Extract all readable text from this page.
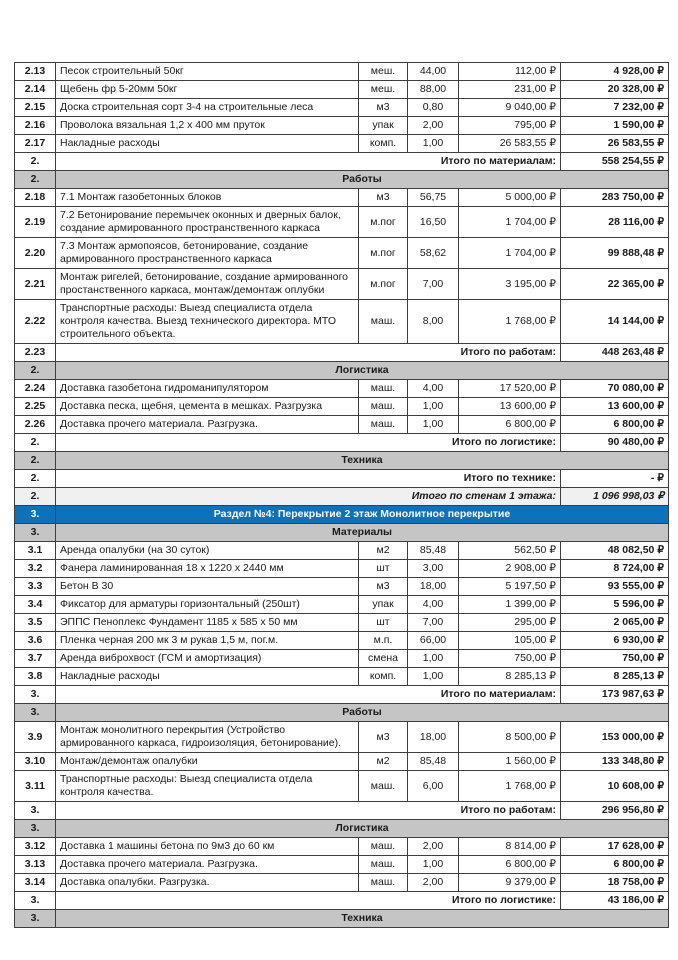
2.13	Песок строительный 50кг	меш.	44,00	112,00 ₽	4 928,00 ₽
2.14	Щебень фр 5-20мм 50кг	меш.	88,00	231,00 ₽	20 328,00 ₽
2.15	Доска строительная сорт 3-4 на строительные леса	м3	0,80	9 040,00 ₽	7 232,00 ₽
2.16	Проволока вязальная 1,2 х 400 мм пруток	упак	2,00	795,00 ₽	1 590,00 ₽
2.17	Накладные расходы	комп.	1,00	26 583,55 ₽	26 583,55 ₽
2.	Итого по материалам:				558 254,55 ₽
2.	Работы				
2.18	7.1 Монтаж газобетонных блоков	м3	56,75	5 000,00 ₽	283 750,00 ₽
2.19	7.2 Бетонирование перемычек оконных и дверных балок, создание армированного пространственного каркаса	м.пог	16,50	1 704,00 ₽	28 116,00 ₽
2.20	7.3 Монтаж армопоясов, бетонирование, создание армированного пространственного каркаса	м.пог	58,62	1 704,00 ₽	99 888,48 ₽
2.21	Монтаж ригелей, бетонирование, создание армированного простанственного каркаса, монтаж/демонтаж оплубки	м.пог	7,00	3 195,00 ₽	22 365,00 ₽
2.22	Транспортные расходы: Выезд специалиста отдела контроля качества. Выезд технического директора. МТО строительного объекта.	маш.	8,00	1 768,00 ₽	14 144,00 ₽
2.23	Итого по работам:				448 263,48 ₽
2.	Логистика				
2.24	Доставка газобетона гидроманипулятором	маш.	4,00	17 520,00 ₽	70 080,00 ₽
2.25	Доставка песка, щебня, цемента в мешках. Разгрузка	маш.	1,00	13 600,00 ₽	13 600,00 ₽
2.26	Доставка прочего материала. Разгрузка.	маш.	1,00	6 800,00 ₽	6 800,00 ₽
2.	Итого по логистике:				90 480,00 ₽
2.	Техника				
2.	Итого по технике:				- ₽
2.	Итого по стенам 1 этажа:				1 096 998,03 ₽
3.	Раздел №4: Перекрытие 2 этаж Монолитное перекрытие				
3.	Материалы				
3.1	Аренда опалубки (на 30 суток)	м2	85,48	562,50 ₽	48 082,50 ₽
3.2	Фанера ламинированная 18 х 1220 х 2440 мм	шт	3,00	2 908,00 ₽	8 724,00 ₽
3.3	Бетон В 30	м3	18,00	5 197,50 ₽	93 555,00 ₽
3.4	Фиксатор для арматуры горизонтальный (250шт)	упак	4,00	1 399,00 ₽	5 596,00 ₽
3.5	ЭППС Пеноплекс Фундамент 1185 х 585 х 50 мм	шт	7,00	295,00 ₽	2 065,00 ₽
3.6	Пленка черная 200 мк 3 м рукав 1,5 м, пог.м.	м.п.	66,00	105,00 ₽	6 930,00 ₽
3.7	Аренда виброхвост (ГСМ и амортизация)	смена	1,00	750,00 ₽	750,00 ₽
3.8	Накладные расходы	комп.	1,00	8 285,13 ₽	8 285,13 ₽
3.	Итого по материалам:				173 987,63 ₽
3.	Работы				
3.9	Монтаж монолитного перекрытия (Устройство армированного каркаса, гидроизоляция, бетонирование).	м3	18,00	8 500,00 ₽	153 000,00 ₽
3.10	Монтаж/демонтаж опалубки	м2	85,48	1 560,00 ₽	133 348,80 ₽
3.11	Транспортные расходы: Выезд специалиста отдела контроля качества.	маш.	6,00	1 768,00 ₽	10 608,00 ₽
3.	Итого по работам:				296 956,80 ₽
3.	Логистика				
3.12	Доставка 1 машины бетона по 9м3 до 60 км	маш.	2,00	8 814,00 ₽	17 628,00 ₽
3.13	Доставка прочего материала. Разгрузка.	маш.	1,00	6 800,00 ₽	6 800,00 ₽
3.14	Доставка опалубки. Разгрузка.	маш.	2,00	9 379,00 ₽	18 758,00 ₽
3.	Итого по логистике:				43 186,00 ₽
3.	Техника				
